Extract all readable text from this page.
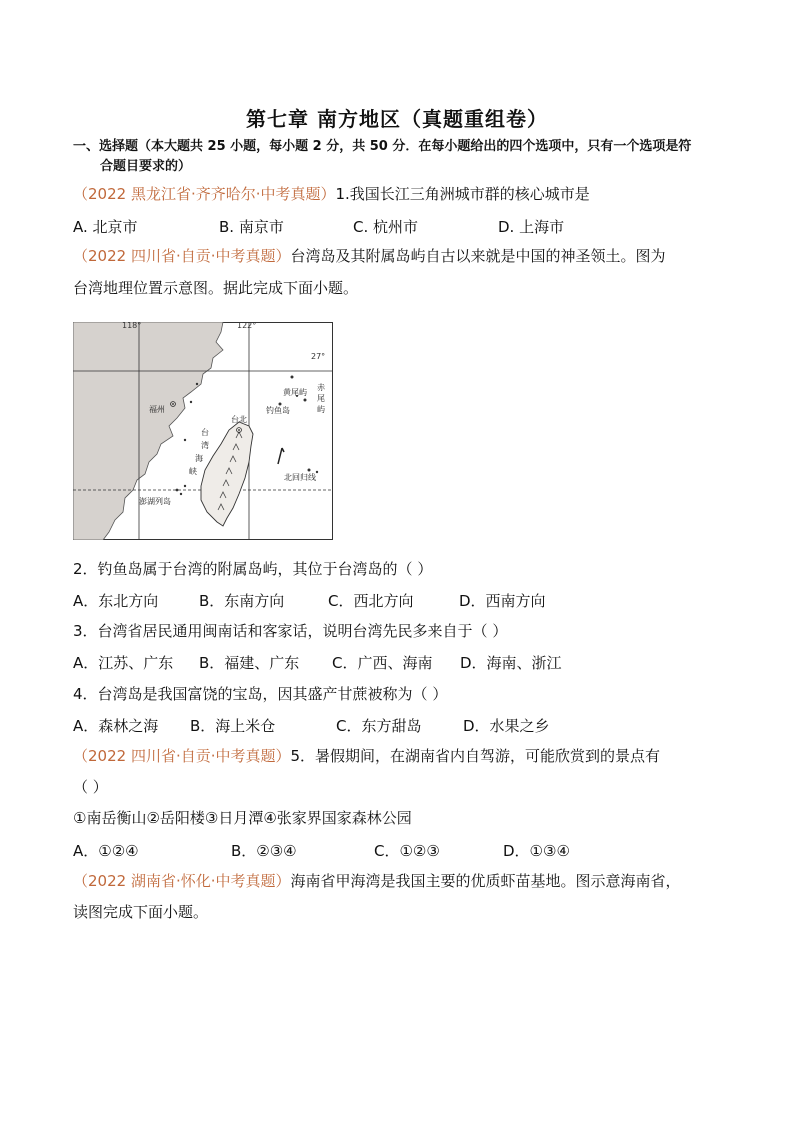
第七章 南方地区（真题重组卷）
一、选择题（本大题共 25 小题，每小题 2 分，共 50 分．在每小题给出的四个选项中，只有一个选项是符
合题目要求的）
（2022 黑龙江省·齐齐哈尔·中考真题）1.我国长江三角洲城市群的核心城市是
A. 北京市	B. 南京市	C. 杭州市	D. 上海市
（2022 四川省·自贡·中考真题）台湾岛及其附属岛屿自古以来就是中国的神圣领土。图为
台湾地理位置示意图。据此完成下面小题。
118°	122°
27°
福州
台北
台
湾
海
峡
澎湖列岛
黄尾屿
钓鱼岛
赤
尾
屿
北回归线
2．钓鱼岛属于台湾的附属岛屿，其位于台湾岛的（ ）
A．东北方向	B．东南方向	C．西北方向	D．西南方向
3．台湾省居民通用闽南话和客家话，说明台湾先民多来自于（ ）
A．江苏、广东 B．福建、广东 C．广西、海南 D．海南、浙江
4．台湾岛是我国富饶的宝岛，因其盛产甘蔗被称为（ ）
A．森林之海 B．海上米仓	C．东方甜岛	D．水果之乡
（2022 四川省·自贡·中考真题）5．暑假期间，在湖南省内自驾游，可能欣赏到的景点有
（ ）
①南岳衡山②岳阳楼③日月潭④张家界国家森林公园
A．①②④	B．②③④	C．①②③	D．①③④
（2022 湖南省·怀化·中考真题）海南省甲海湾是我国主要的优质虾苗基地。图示意海南省，
读图完成下面小题。
